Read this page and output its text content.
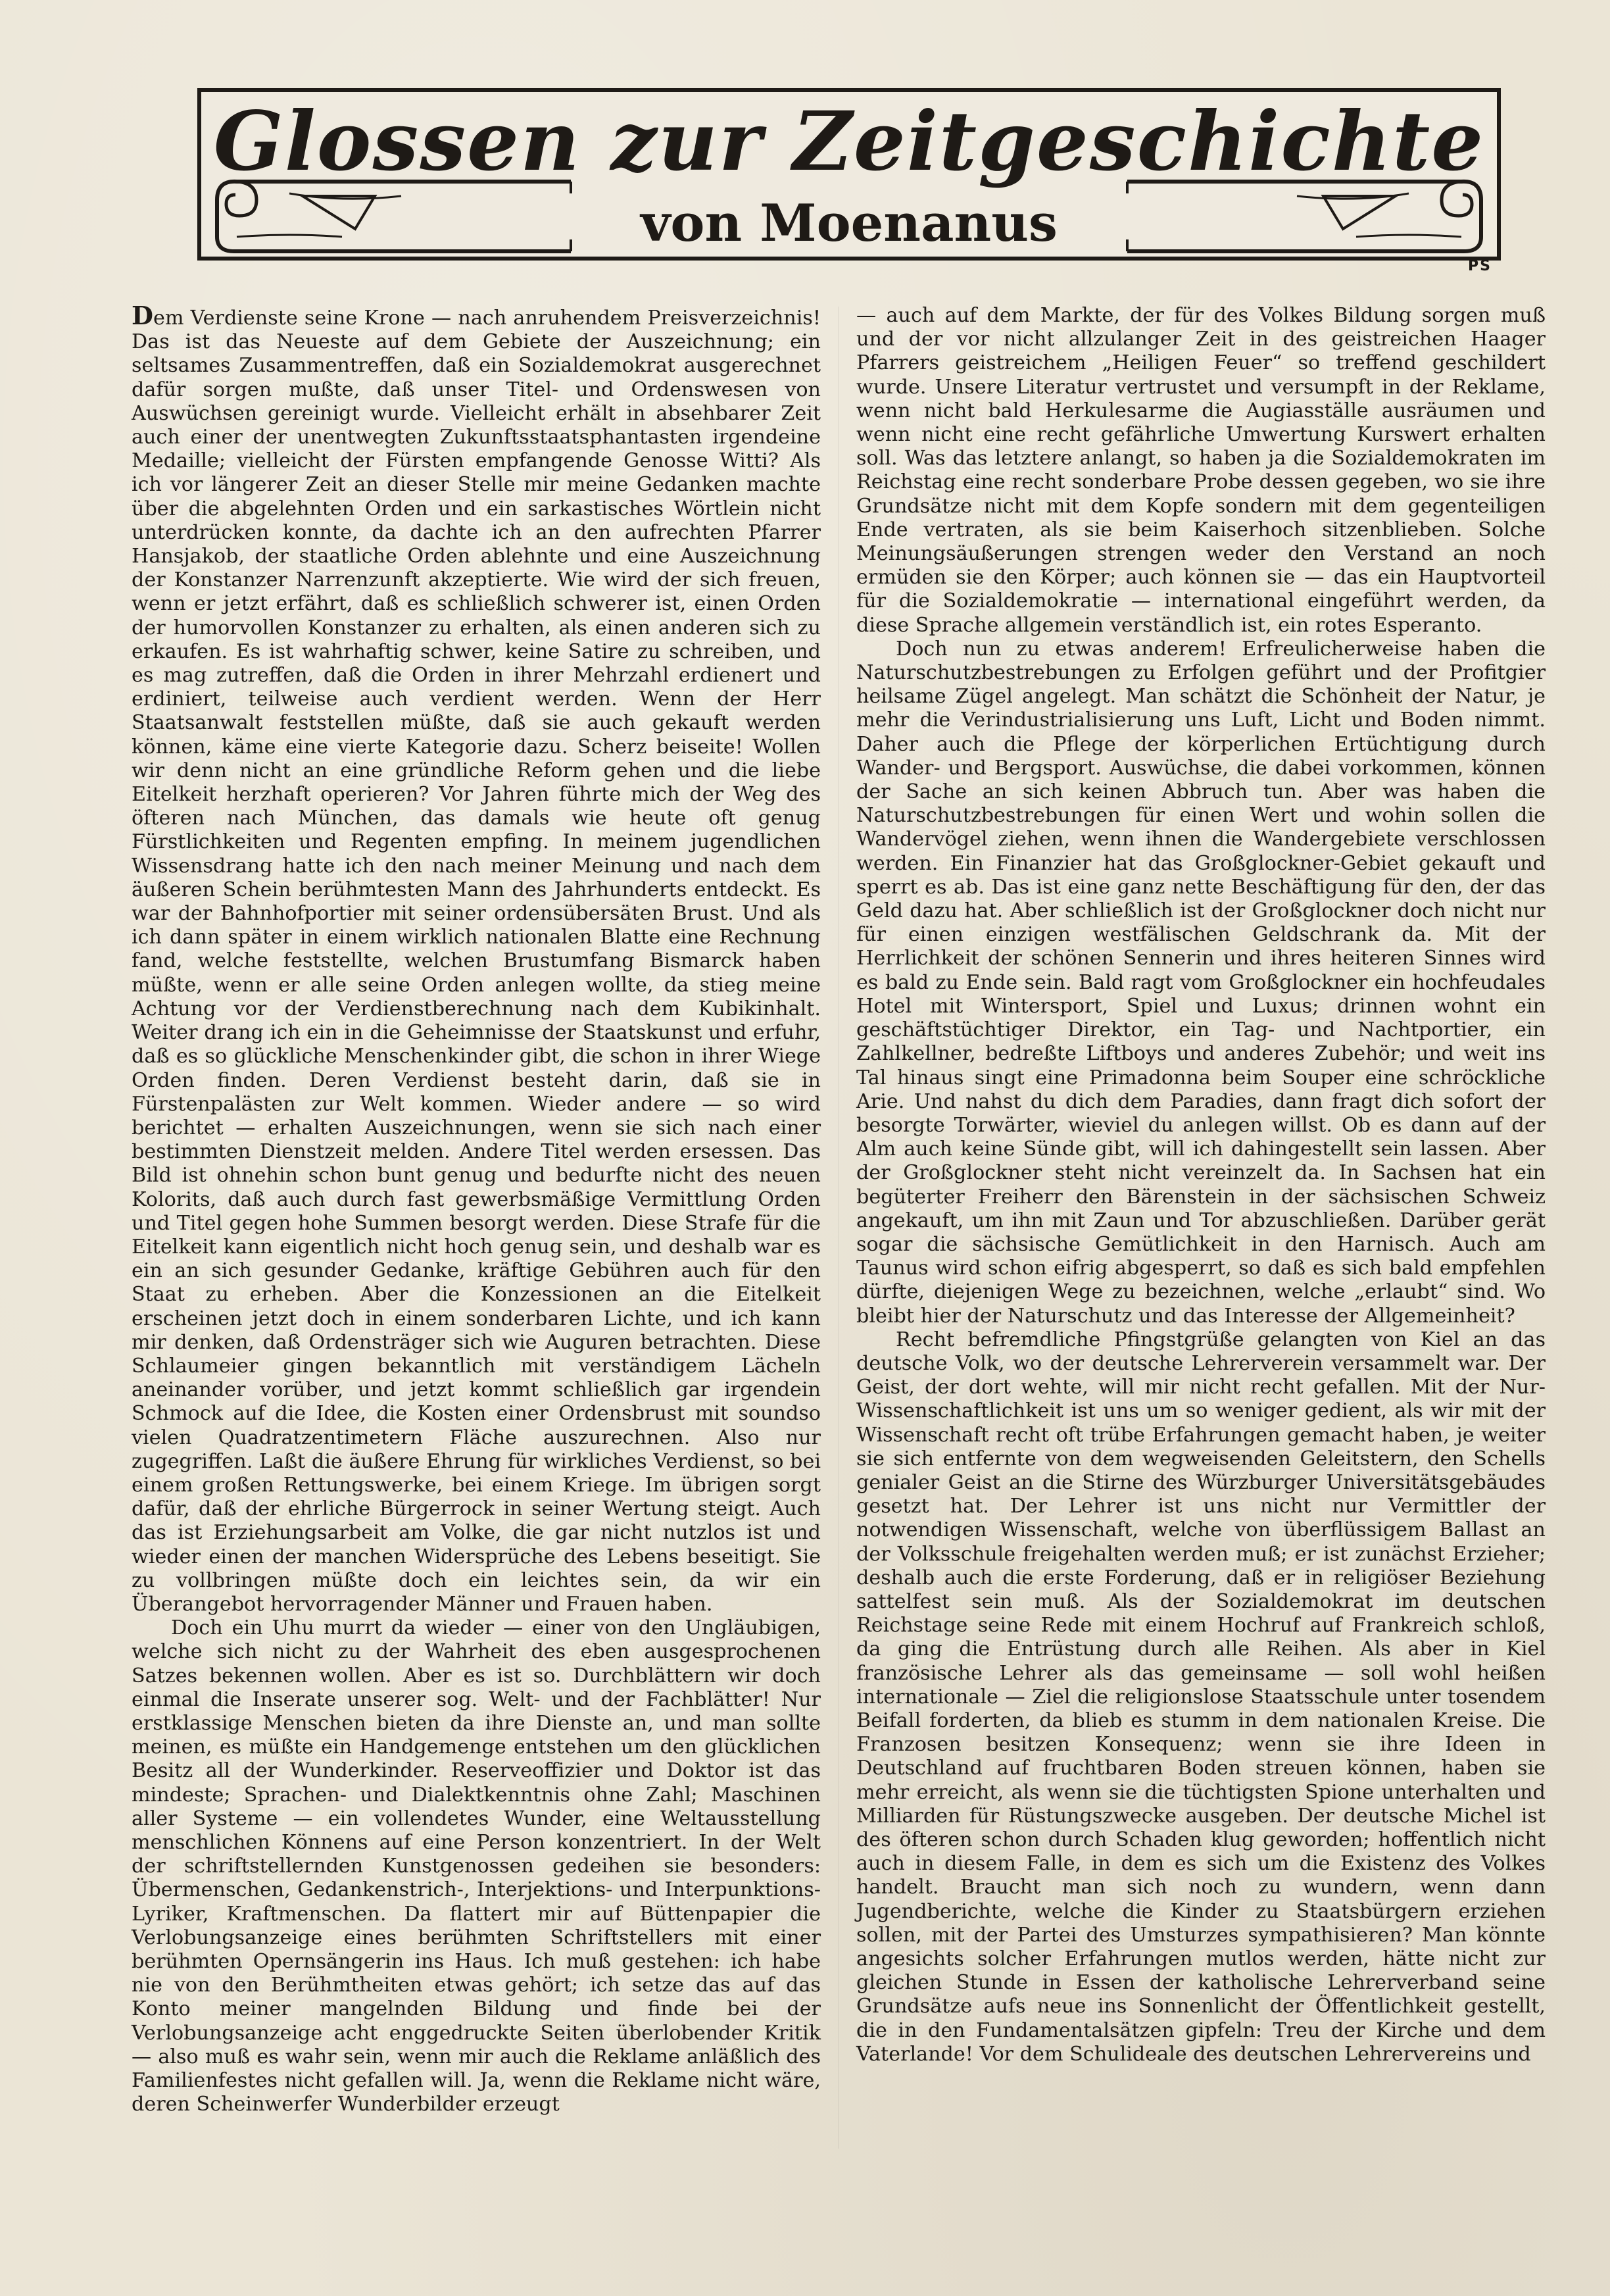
Glossen zur Zeitgeschichte
von Moenanus
PS

Dem Verdienste seine Krone — nach anruhendem Preisverzeichnis! Das ist das Neueste auf dem Gebiete der Auszeichnung; ein seltsames Zusammentreffen, daß ein Sozialdemokrat ausgerechnet dafür sorgen mußte, daß unser Titel- und Ordenswesen von Auswüchsen gereinigt wurde. Vielleicht erhält in absehbarer Zeit auch einer der unentwegten Zukunftsstaatsphantasten irgendeine Medaille; vielleicht der Fürsten empfangende Genosse Witti? Als ich vor längerer Zeit an dieser Stelle mir meine Gedanken machte über die abgelehnten Orden und ein sarkastisches Wörtlein nicht unterdrücken konnte, da dachte ich an den aufrechten Pfarrer Hansjakob, der staatliche Orden ablehnte und eine Auszeichnung der Konstanzer Narrenzunft akzeptierte. Wie wird der sich freuen, wenn er jetzt erfährt, daß es schließlich schwerer ist, einen Orden der humorvollen Konstanzer zu erhalten, als einen anderen sich zu erkaufen. Es ist wahrhaftig schwer, keine Satire zu schreiben, und es mag zutreffen, daß die Orden in ihrer Mehrzahl erdienert und erdiniert, teilweise auch verdient werden. Wenn der Herr Staatsanwalt feststellen müßte, daß sie auch gekauft werden können, käme eine vierte Kategorie dazu. Scherz beiseite! Wollen wir denn nicht an eine gründliche Reform gehen und die liebe Eitelkeit herzhaft operieren? Vor Jahren führte mich der Weg des öfteren nach München, das damals wie heute oft genug Fürstlichkeiten und Regenten empfing. In meinem jugendlichen Wissensdrang hatte ich den nach meiner Meinung und nach dem äußeren Schein berühmtesten Mann des Jahrhunderts entdeckt. Es war der Bahnhofportier mit seiner ordensübersäten Brust. Und als ich dann später in einem wirklich nationalen Blatte eine Rechnung fand, welche feststellte, welchen Brustumfang Bismarck haben müßte, wenn er alle seine Orden anlegen wollte, da stieg meine Achtung vor der Verdienstberechnung nach dem Kubikinhalt. Weiter drang ich ein in die Geheimnisse der Staatskunst und erfuhr, daß es so glückliche Menschenkinder gibt, die schon in ihrer Wiege Orden finden. Deren Verdienst besteht darin, daß sie in Fürstenpalästen zur Welt kommen. Wieder andere — so wird berichtet — erhalten Auszeichnungen, wenn sie sich nach einer bestimmten Dienstzeit melden. Andere Titel werden ersessen. Das Bild ist ohnehin schon bunt genug und bedurfte nicht des neuen Kolorits, daß auch durch fast gewerbsmäßige Vermittlung Orden und Titel gegen hohe Summen besorgt werden. Diese Strafe für die Eitelkeit kann eigentlich nicht hoch genug sein, und deshalb war es ein an sich gesunder Gedanke, kräftige Gebühren auch für den Staat zu erheben. Aber die Konzessionen an die Eitelkeit erscheinen jetzt doch in einem sonderbaren Lichte, und ich kann mir denken, daß Ordensträger sich wie Auguren betrachten. Diese Schlaumeier gingen bekanntlich mit verständigem Lächeln aneinander vorüber, und jetzt kommt schließlich gar irgendein Schmock auf die Idee, die Kosten einer Ordensbrust mit soundso vielen Quadratzentimetern Fläche auszurechnen. Also nur zugegriffen. Laßt die äußere Ehrung für wirkliches Verdienst, so bei einem großen Rettungswerke, bei einem Kriege. Im übrigen sorgt dafür, daß der ehrliche Bürgerrock in seiner Wertung steigt. Auch das ist Erziehungsarbeit am Volke, die gar nicht nutzlos ist und wieder einen der manchen Widersprüche des Lebens beseitigt. Sie zu vollbringen müßte doch ein leichtes sein, da wir ein Überangebot hervorragender Männer und Frauen haben.

Doch ein Uhu murrt da wieder — einer von den Ungläubigen, welche sich nicht zu der Wahrheit des eben ausgesprochenen Satzes bekennen wollen. Aber es ist so. Durchblättern wir doch einmal die Inserate unserer sog. Welt- und der Fachblätter! Nur erstklassige Menschen bieten da ihre Dienste an, und man sollte meinen, es müßte ein Handgemenge entstehen um den glücklichen Besitz all der Wunderkinder. Reserveoffizier und Doktor ist das mindeste; Sprachen- und Dialektkenntnis ohne Zahl; Maschinen aller Systeme — ein vollendetes Wunder, eine Weltausstellung menschlichen Könnens auf eine Person konzentriert. In der Welt der schriftstellernden Kunstgenossen gedeihen sie besonders: Übermenschen, Gedankenstrich-, Interjektions- und Interpunktions-Lyriker, Kraftmenschen. Da flattert mir auf Büttenpapier die Verlobungsanzeige eines berühmten Schriftstellers mit einer berühmten Opernsängerin ins Haus. Ich muß gestehen: ich habe nie von den Berühmtheiten etwas gehört; ich setze das auf das Konto meiner mangelnden Bildung und finde bei der Verlobungsanzeige acht enggedruckte Seiten überlobender Kritik — also muß es wahr sein, wenn mir auch die Reklame anläßlich des Familienfestes nicht gefallen will. Ja, wenn die Reklame nicht wäre, deren Scheinwerfer Wunderbilder erzeugt

— auch auf dem Markte, der für des Volkes Bildung sorgen muß und der vor nicht allzulanger Zeit in des geistreichen Haager Pfarrers geistreichem „Heiligen Feuer“ so treffend geschildert wurde. Unsere Literatur vertrustet und versumpft in der Reklame, wenn nicht bald Herkulesarme die Augiasställe ausräumen und wenn nicht eine recht gefährliche Umwertung Kurswert erhalten soll. Was das letztere anlangt, so haben ja die Sozialdemokraten im Reichstag eine recht sonderbare Probe dessen gegeben, wo sie ihre Grundsätze nicht mit dem Kopfe sondern mit dem gegenteiligen Ende vertraten, als sie beim Kaiserhoch sitzenblieben. Solche Meinungsäußerungen strengen weder den Verstand an noch ermüden sie den Körper; auch können sie — das ein Hauptvorteil für die Sozialdemokratie — international eingeführt werden, da diese Sprache allgemein verständlich ist, ein rotes Esperanto.

Doch nun zu etwas anderem! Erfreulicherweise haben die Naturschutzbestrebungen zu Erfolgen geführt und der Profitgier heilsame Zügel angelegt. Man schätzt die Schönheit der Natur, je mehr die Verindustrialisierung uns Luft, Licht und Boden nimmt. Daher auch die Pflege der körperlichen Ertüchtigung durch Wander- und Bergsport. Auswüchse, die dabei vorkommen, können der Sache an sich keinen Abbruch tun. Aber was haben die Naturschutzbestrebungen für einen Wert und wohin sollen die Wandervögel ziehen, wenn ihnen die Wandergebiete verschlossen werden. Ein Finanzier hat das Großglockner-Gebiet gekauft und sperrt es ab. Das ist eine ganz nette Beschäftigung für den, der das Geld dazu hat. Aber schließlich ist der Großglockner doch nicht nur für einen einzigen westfälischen Geldschrank da. Mit der Herrlichkeit der schönen Sennerin und ihres heiteren Sinnes wird es bald zu Ende sein. Bald ragt vom Großglockner ein hochfeudales Hotel mit Wintersport, Spiel und Luxus; drinnen wohnt ein geschäftstüchtiger Direktor, ein Tag- und Nachtportier, ein Zahlkellner, bedreßte Liftboys und anderes Zubehör; und weit ins Tal hinaus singt eine Primadonna beim Souper eine schröckliche Arie. Und nahst du dich dem Paradies, dann fragt dich sofort der besorgte Torwärter, wieviel du anlegen willst. Ob es dann auf der Alm auch keine Sünde gibt, will ich dahingestellt sein lassen. Aber der Großglockner steht nicht vereinzelt da. In Sachsen hat ein begüterter Freiherr den Bärenstein in der sächsischen Schweiz angekauft, um ihn mit Zaun und Tor abzuschließen. Darüber gerät sogar die sächsische Gemütlichkeit in den Harnisch. Auch am Taunus wird schon eifrig abgesperrt, so daß es sich bald empfehlen dürfte, diejenigen Wege zu bezeichnen, welche „erlaubt“ sind. Wo bleibt hier der Naturschutz und das Interesse der Allgemeinheit?

Recht befremdliche Pfingstgrüße gelangten von Kiel an das deutsche Volk, wo der deutsche Lehrerverein versammelt war. Der Geist, der dort wehte, will mir nicht recht gefallen. Mit der Nur-Wissenschaftlichkeit ist uns um so weniger gedient, als wir mit der Wissenschaft recht oft trübe Erfahrungen gemacht haben, je weiter sie sich entfernte von dem wegweisenden Geleitstern, den Schells genialer Geist an die Stirne des Würzburger Universitätsgebäudes gesetzt hat. Der Lehrer ist uns nicht nur Vermittler der notwendigen Wissenschaft, welche von überflüssigem Ballast an der Volksschule freigehalten werden muß; er ist zunächst Erzieher; deshalb auch die erste Forderung, daß er in religiöser Beziehung sattelfest sein muß. Als der Sozialdemokrat im deutschen Reichstage seine Rede mit einem Hochruf auf Frankreich schloß, da ging die Entrüstung durch alle Reihen. Als aber in Kiel französische Lehrer als das gemeinsame — soll wohl heißen internationale — Ziel die religionslose Staatsschule unter tosendem Beifall forderten, da blieb es stumm in dem nationalen Kreise. Die Franzosen besitzen Konsequenz; wenn sie ihre Ideen in Deutschland auf fruchtbaren Boden streuen können, haben sie mehr erreicht, als wenn sie die tüchtigsten Spione unterhalten und Milliarden für Rüstungszwecke ausgeben. Der deutsche Michel ist des öfteren schon durch Schaden klug geworden; hoffentlich nicht auch in diesem Falle, in dem es sich um die Existenz des Volkes handelt. Braucht man sich noch zu wundern, wenn dann Jugendberichte, welche die Kinder zu Staatsbürgern erziehen sollen, mit der Partei des Umsturzes sympathisieren? Man könnte angesichts solcher Erfahrungen mutlos werden, hätte nicht zur gleichen Stunde in Essen der katholische Lehrerverband seine Grundsätze aufs neue ins Sonnenlicht der Öffentlichkeit gestellt, die in den Fundamentalsätzen gipfeln: Treu der Kirche und dem Vaterlande! Vor dem Schulideale des deutschen Lehrervereins und
